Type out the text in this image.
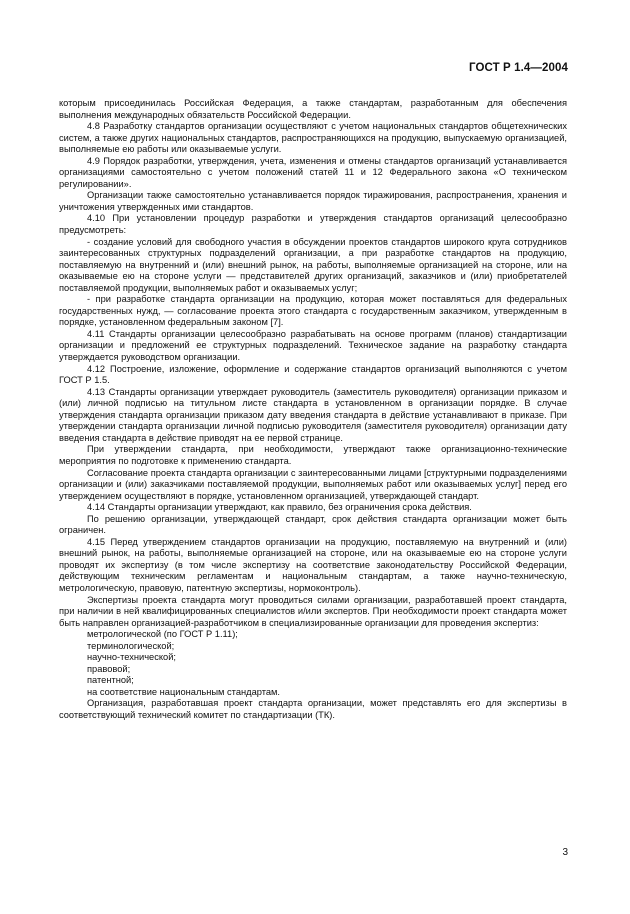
ГОСТ Р 1.4—2004

которым присоединилась Российская Федерация, а также стандартам, разработанным для обеспечения выполнения международных обязательств Российской Федерации.

4.8 Разработку стандартов организации осуществляют с учетом национальных стандартов общетехнических систем, а также других национальных стандартов, распространяющихся на продукцию, выпускаемую организацией, выполняемые ею работы или оказываемые услуги.

4.9 Порядок разработки, утверждения, учета, изменения и отмены стандартов организаций устанавливается организациями самостоятельно с учетом положений статей 11 и 12 Федерального закона «О техническом регулировании».

Организации также самостоятельно устанавливается порядок тиражирования, распространения, хранения и уничтожения утвержденных ими стандартов.

4.10 При установлении процедур разработки и утверждения стандартов организаций целесообразно предусмотреть:

- создание условий для свободного участия в обсуждении проектов стандартов широкого круга сотрудников заинтересованных структурных подразделений организации, а при разработке стандартов на продукцию, поставляемую на внутренний и (или) внешний рынок, на работы, выполняемые организацией на стороне, или на оказываемые ею на стороне услуги — представителей других организаций, заказчиков и (или) приобретателей поставляемой продукции, выполняемых работ и оказываемых услуг;

- при разработке стандарта организации на продукцию, которая может поставляться для федеральных государственных нужд, — согласование проекта этого стандарта с государственным заказчиком, утвержденным в порядке, установленном федеральным законом [7].

4.11 Стандарты организации целесообразно разрабатывать на основе программ (планов) стандартизации организации и предложений ее структурных подразделений. Техническое задание на разработку стандарта утверждается руководством организации.

4.12 Построение, изложение, оформление и содержание стандартов организаций выполняются с учетом ГОСТ Р 1.5.

4.13 Стандарты организации утверждает руководитель (заместитель руководителя) организации приказом и (или) личной подписью на титульном листе стандарта в установленном в организации порядке. В случае утверждения стандарта организации приказом дату введения стандарта в действие устанавливают в приказе. При утверждении стандарта организации личной подписью руководителя (заместителя руководителя) организации дату введения стандарта в действие приводят на ее первой странице.

При утверждении стандарта, при необходимости, утверждают также организационно-технические мероприятия по подготовке к применению стандарта.

Согласование проекта стандарта организации с заинтересованными лицами [структурными подразделениями организации и (или) заказчиками поставляемой продукции, выполняемых работ или оказываемых услуг] перед его утверждением осуществляют в порядке, установленном организацией, утверждающей стандарт.

4.14 Стандарты организации утверждают, как правило, без ограничения срока действия.

По решению организации, утверждающей стандарт, срок действия стандарта организации может быть ограничен.

4.15 Перед утверждением стандартов организации на продукцию, поставляемую на внутренний и (или) внешний рынок, на работы, выполняемые организацией на стороне, или на оказываемые ею на стороне услуги проводят их экспертизу (в том числе экспертизу на соответствие законодательству Российской Федерации, действующим техническим регламентам и национальным стандартам, а также научно-техническую, метрологическую, правовую, патентную экспертизы, нормоконтроль).

Экспертизы проекта стандарта могут проводиться силами организации, разработавшей проект стандарта, при наличии в ней квалифицированных специалистов и/или экспертов. При необходимости проект стандарта может быть направлен организацией-разработчиком в специализированные организации для проведения экспертиз:

метрологической (по ГОСТ Р 1.11);

терминологической;

научно-технической;

правовой;

патентной;

на соответствие национальным стандартам.

Организация, разработавшая проект стандарта организации, может представлять его для экспертизы в соответствующий технический комитет по стандартизации (ТК).

3
